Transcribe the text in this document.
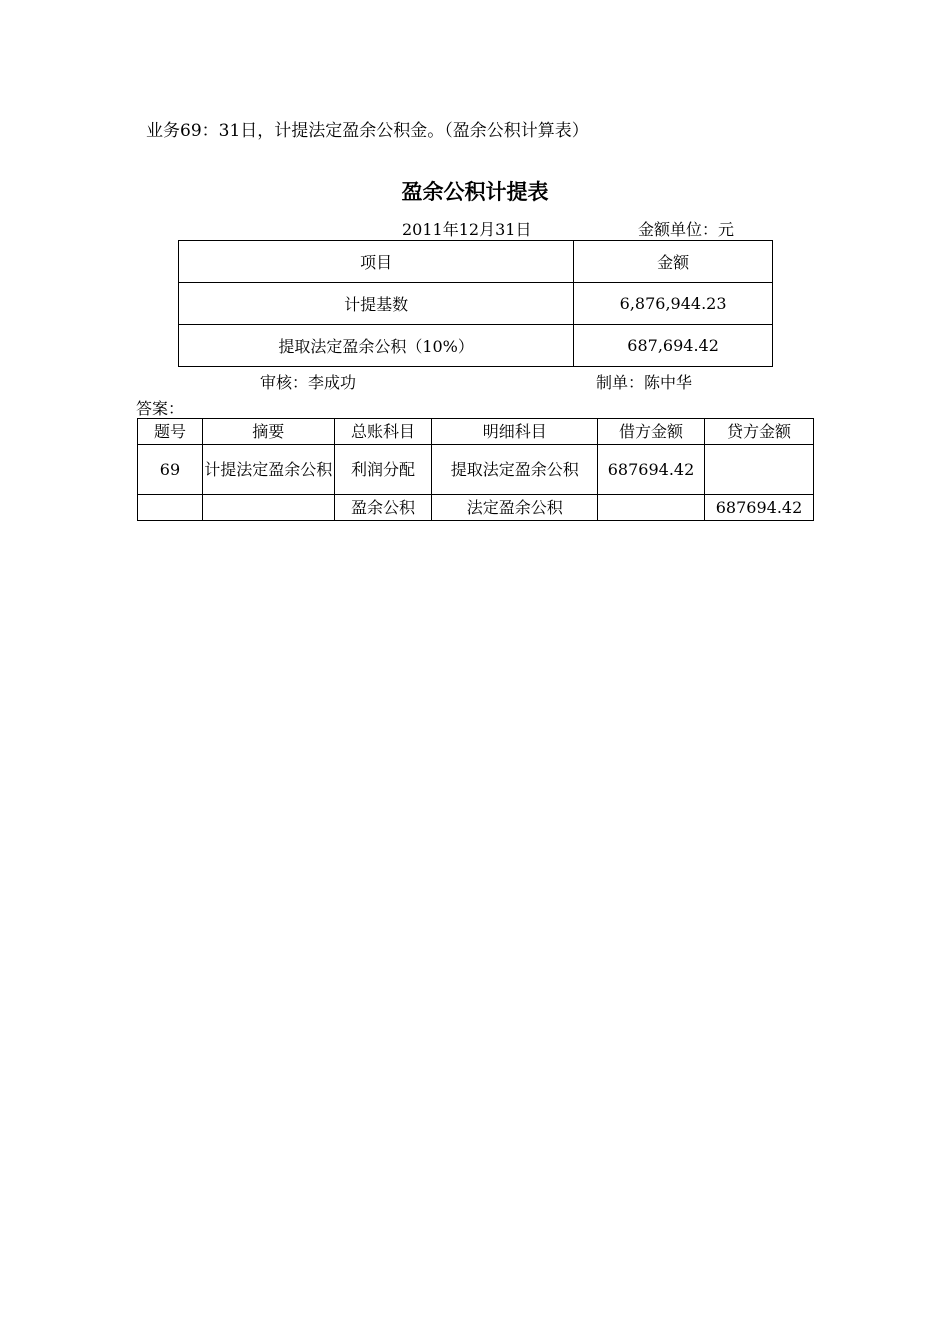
业务69：31日，计提法定盈余公积金。（盈余公积计算表）
盈余公积计提表
2011年12月31日	金额单位：元
项目	金额
计提基数	6,876,944.23
提取法定盈余公积（10%）	687,694.42
审核：李成功	制单：陈中华
答案：
题号	摘要	总账科目	明细科目	借方金额	贷方金额
69	计提法定盈余公积	利润分配	提取法定盈余公积	687694.42	
		盈余公积	法定盈余公积		687694.42
